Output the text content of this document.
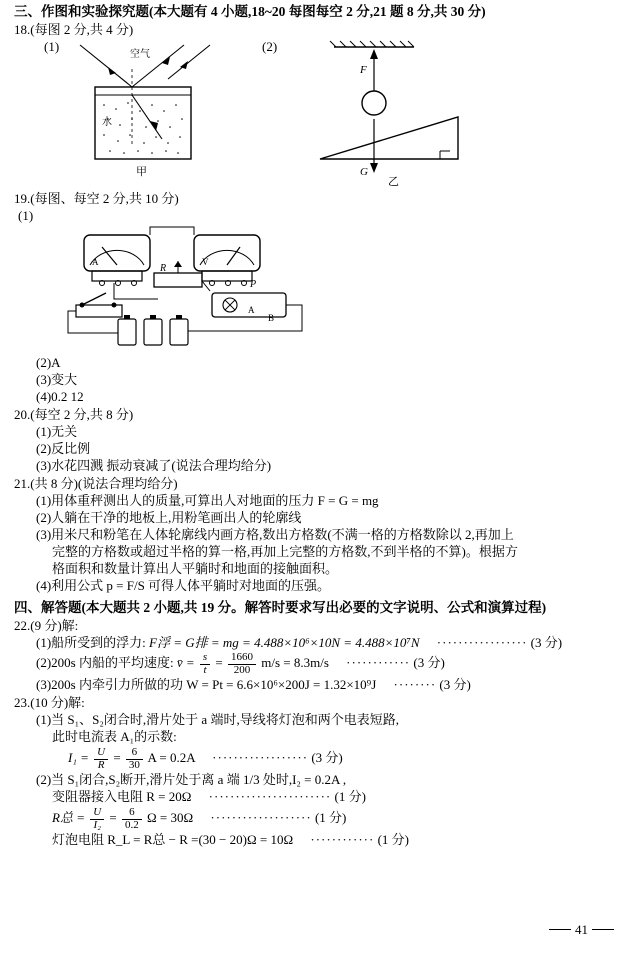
三、作图和实验探究题(本大题有 4 小题,18~20 每图每空 2 分,21 题 8 分,共 30 分)
18.(每图 2 分,共 4 分)
(1)	(2)
空气
水
甲
F
G
乙
19.(每图、每空 2 分,共 10 分)
(1)
A	V
R
P
A
B
(2)A
(3)变大
(4)0.2 12
20.(每空 2 分,共 8 分)
(1)无关
(2)反比例
(3)水花四溅 振动衰减了(说法合理均给分)
21.(共 8 分)(说法合理均给分)
(1)用体重秤测出人的质量,可算出人对地面的压力 F = G = mg
(2)人躺在干净的地板上,用粉笔画出人的轮廓线
(3)用米尺和粉笔在人体轮廓线内画方格,数出方格数(不满一格的方格数除以 2,再加上
完整的方格数或超过半格的算一格,再加上完整的方格数,不到半格的不算)。根据方
格面积和数量计算出人平躺时和地面的接触面积。
(4)利用公式 p = F/S 可得人体平躺时对地面的压强。
四、解答题(本大题共 2 小题,共 19 分。解答时要求写出必要的文字说明、公式和演算过程)
22.(9 分)解:
(1)船所受到的浮力: F浮 = G排 = mg = 4.488×10⁶×10N = 4.488×10⁷N 　················· (3 分)
(2)200s 内船的平均速度: v̄ = $\frac{s}{t} = \frac{1660}{200} m/s = 8.3m/s$ 　············ (3 分)
(3)200s 内牵引力所做的功 W = Pt = 6.6×10⁶×200J = 1.32×10⁹J 　········ (3 分)
23.(10 分)解:
(1)当 S₁、S₂闭合时,滑片处于 a 端时,导线将灯泡和两个电表短路,
此时电流表 A₁的示数:
$I_1 = \frac{U}{R} = \frac{6}{30}$ A = 0.2A 　·················· (3 分)
(2)当 S₁闭合,S₂断开,滑片处于离 a 端 1/3 处时,I₂ = 0.2A ,
变阻器接入电阻 R = 20Ω 　······················· (1 分)
R总 = $\frac{U}{\text{I₂}} = \frac{6}{0.2}$ Ω = 30Ω 　··················· (1 分)
灯泡电阻 R_L = R总 − R =(30 − 20)Ω = 10Ω 　············ (1 分)
41
